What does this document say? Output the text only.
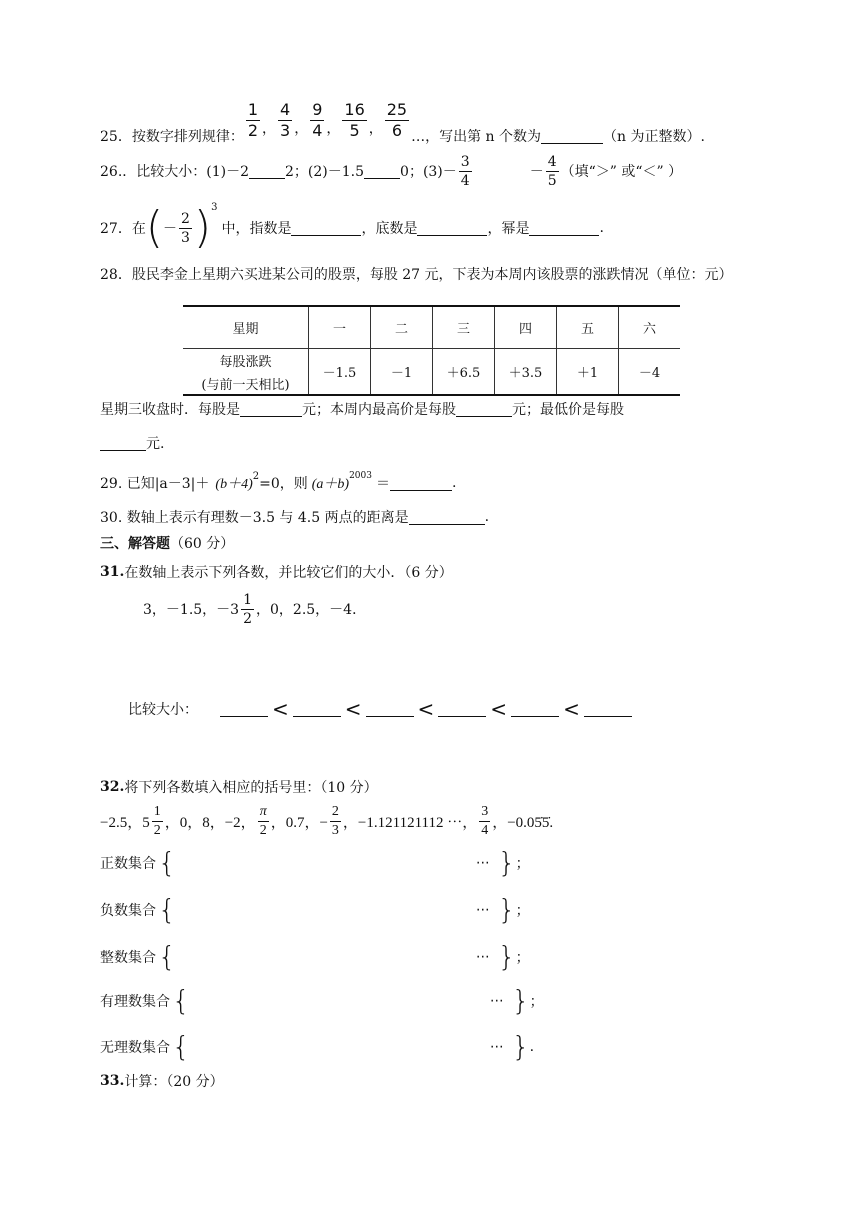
25．按数字排列规律： $\frac{1}{2}$ ， $\frac{4}{3}$ ， $\frac{9}{4}$ ， $\frac{16}{5}$ ， $\frac{25}{6}$ …，写出第 n 个数为	（n 为正整数）.
26.．比较大小：(1)－2	2；(2)－1.5	0；$(3)- \frac{3}{4}$	－ $\frac{4}{5}$ （填“＞” 或“＜” ）
27．在 ( － $\frac{2}{3}$ ) 3
中，指数是	，底数是	，幂是	.
28．股民李金上星期六买进某公司的股票，每股 27 元，下表为本周内该股票的涨跌情况（单位：元）
星期	一	二	三	四	五	六

每股涨跌
(与前一天相比)	－1.5	－1	＋6.5	＋3.5	＋1	－4
星期三收盘时．每股是	元；本周内最高价是每股	元；最低价是每股
元.
29. 已知|a－3|＋ (b＋4)
2 =0，则 (a＋b)
2003 ＝	.
30. 数轴上表示有理数－3.5 与 4.5 两点的距离是	.
三、解答题 （60 分）
31. 在数轴上表示下列各数，并比较它们的大小．（6 分）
3，－1.5，$-3 \frac{1}{2}$ ，0，2.5，－4．
比较大小：	<	<	<	<	<
32. 将下列各数填入相应的括号里：（10 分）
−2.5，$5 \frac{1}{2}$ ，0，8，−2， $\frac{\pi}{2}$ ，0.7，− $\frac{2}{3}$ ，−1.121121112 ⋯， $\frac{3}{4}$ ，−0.05̇5̇.
正数集合 {	⋯ } ；
负数集合 {	⋯ } ；
整数集合 {	⋯ } ；
有理数集合 {	⋯ } ；
无理数集合 {	⋯ } .
33. 计算：（20 分）
